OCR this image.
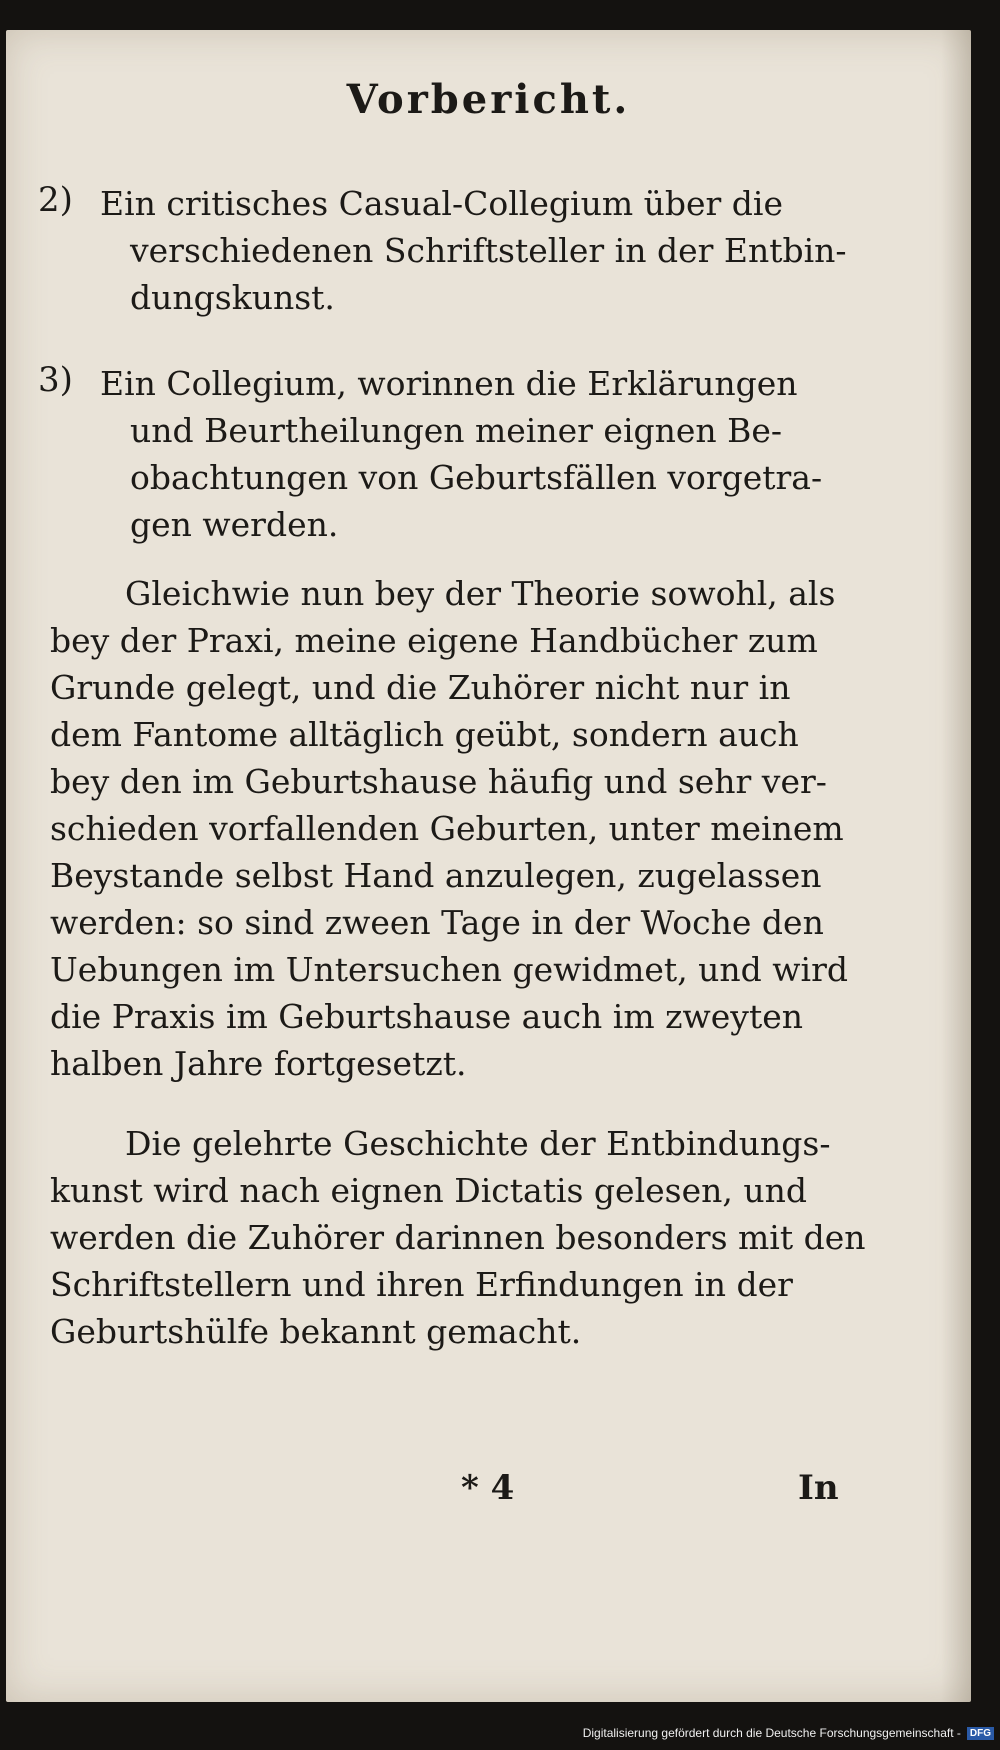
Vorbericht.
2) Ein critisches Casual-Collegium über die
verschiedenen Schriftsteller in der Entbin-
dungskunst.
3) Ein Collegium, worinnen die Erklärungen
und Beurtheilungen meiner eignen Be-
obachtungen von Geburtsfällen vorgetra-
gen werden.
Gleichwie nun bey der Theorie sowohl, als
bey der Praxi, meine eigene Handbücher zum
Grunde gelegt, und die Zuhörer nicht nur in
dem Fantome alltäglich geübt, sondern auch
bey den im Geburtshause häufig und sehr ver-
schieden vorfallenden Geburten, unter meinem
Beystande selbst Hand anzulegen, zugelassen
werden: so sind zween Tage in der Woche den
Uebungen im Untersuchen gewidmet, und wird
die Praxis im Geburtshause auch im zweyten
halben Jahre fortgesetzt.
Die gelehrte Geschichte der Entbindungs-
kunst wird nach eignen Dictatis gelesen, und
werden die Zuhörer darinnen besonders mit den
Schriftstellern und ihren Erfindungen in der
Geburtshülfe bekannt gemacht.
* 4	In
Digitalisierung gefördert durch die Deutsche Forschungsgemeinschaft - DFG
